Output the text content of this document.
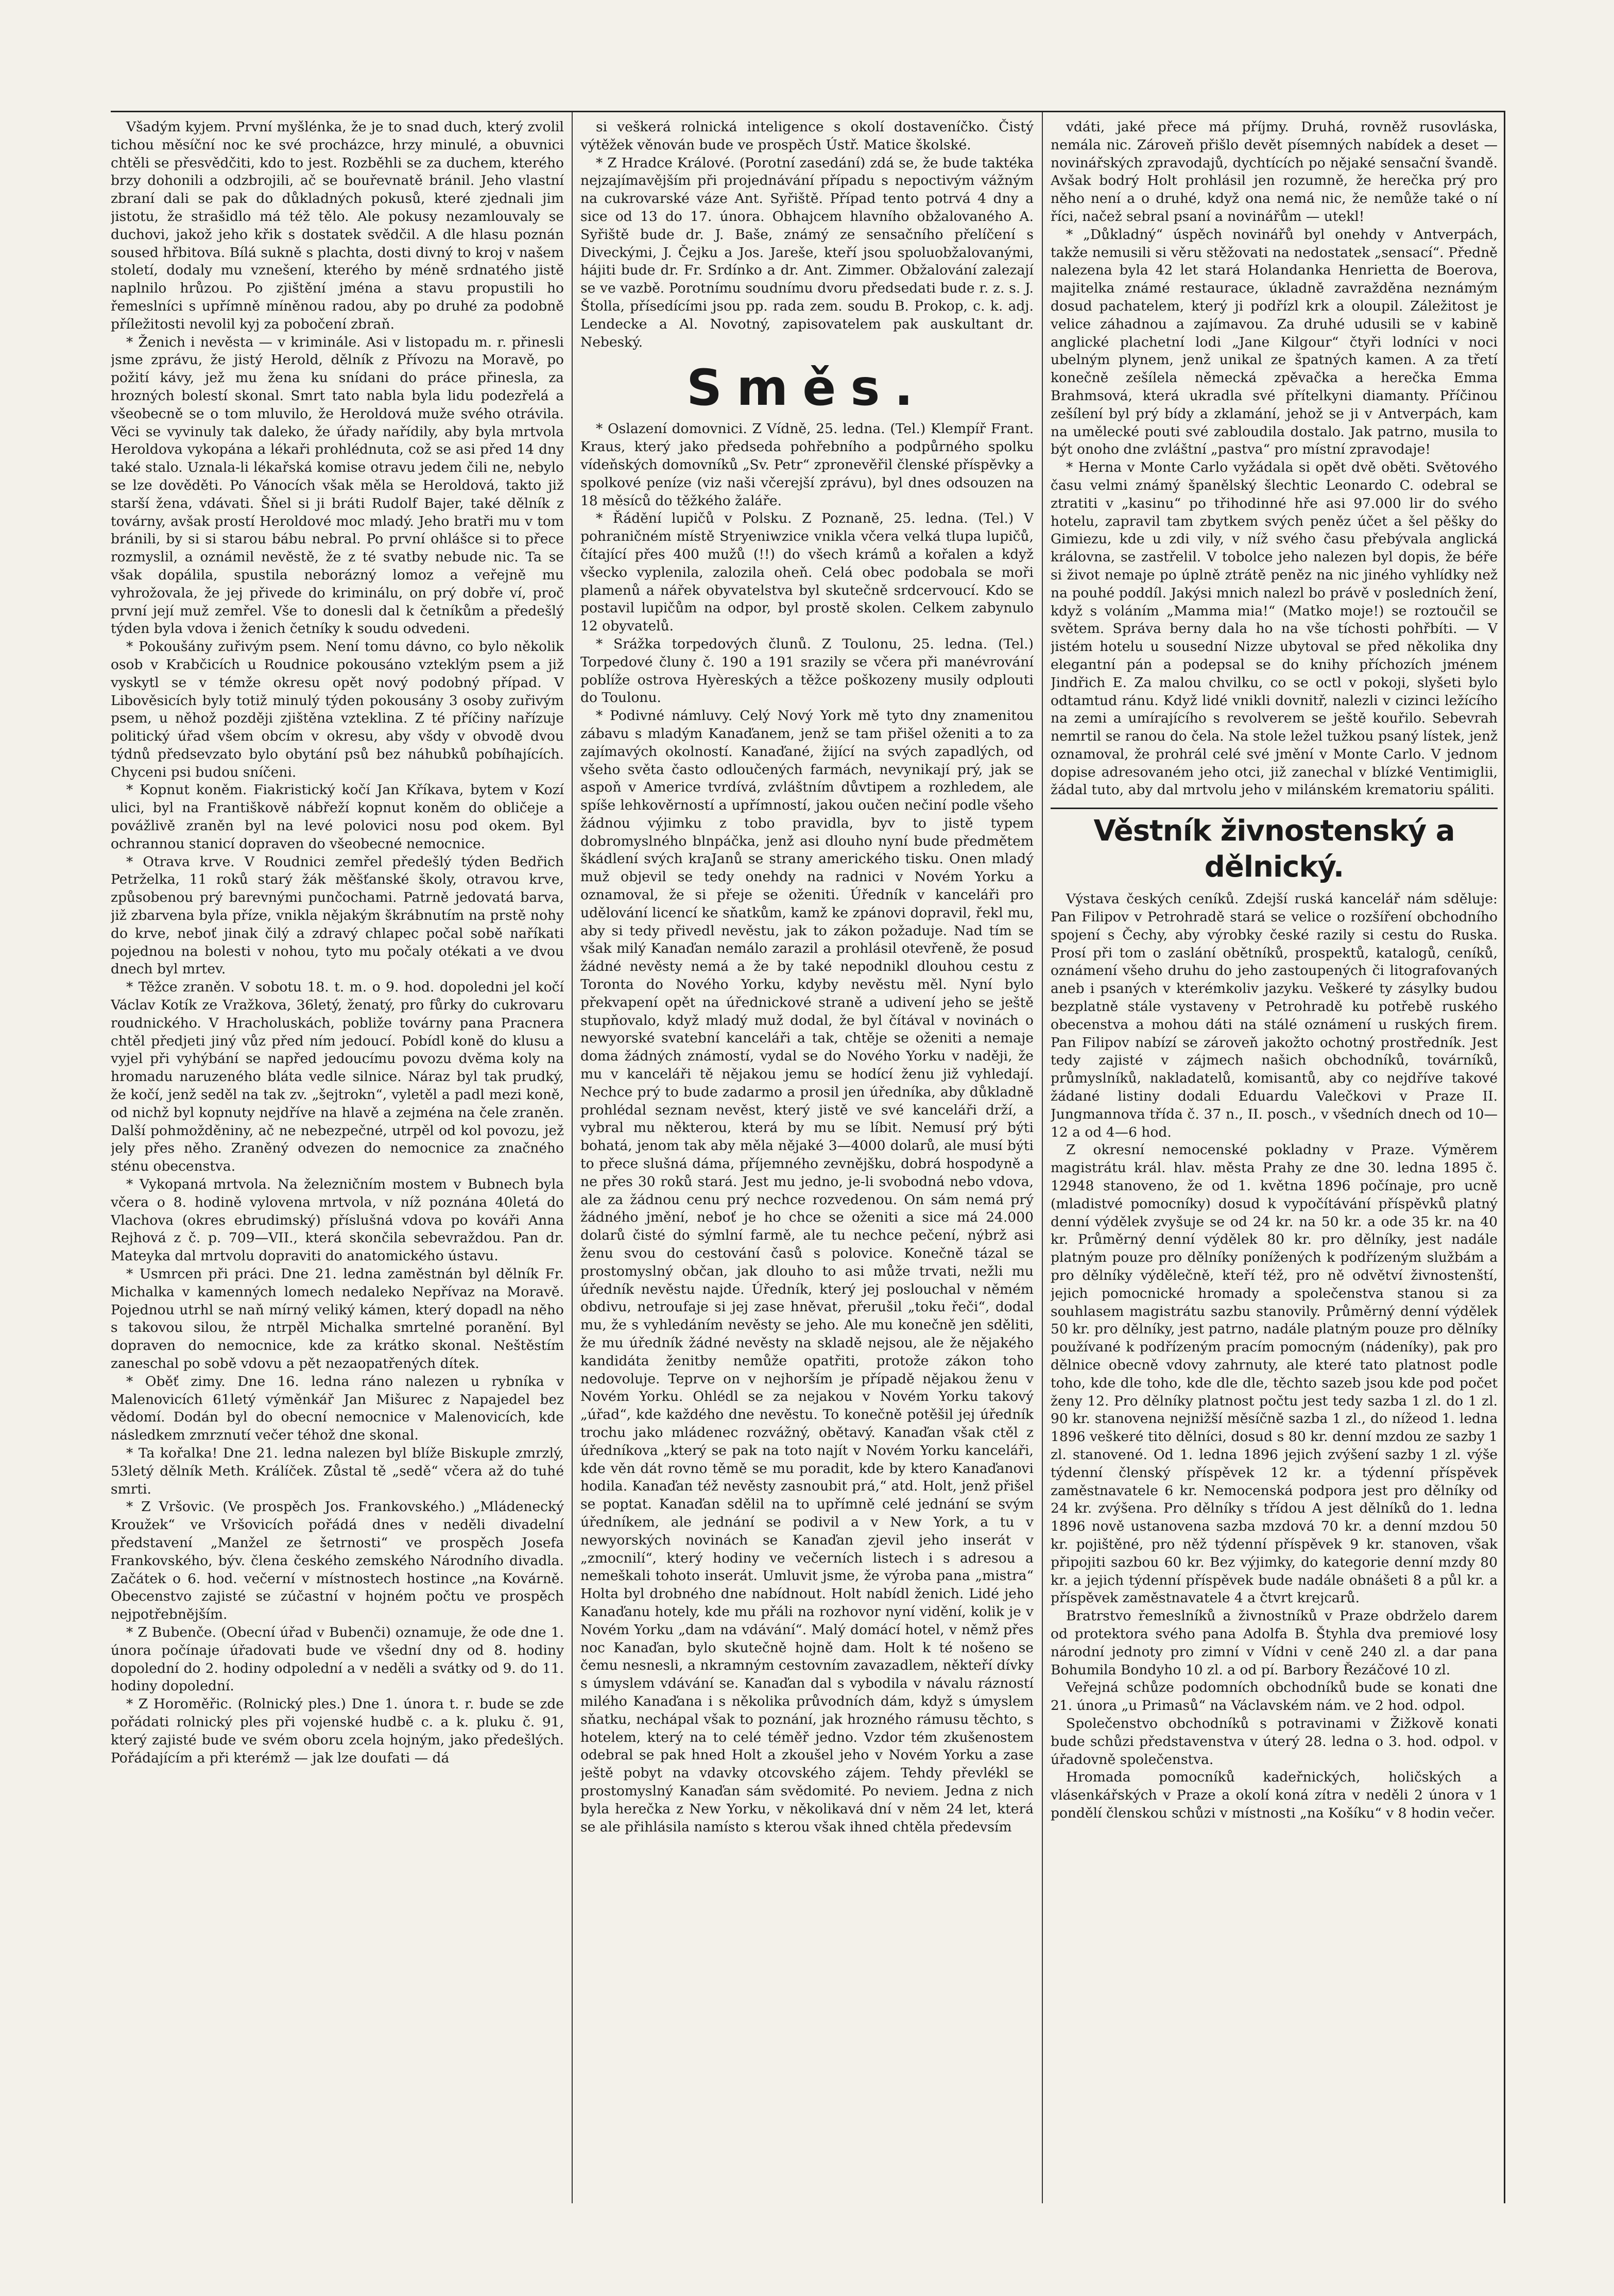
Všadým kyjem. První myšlénka, že je to snad duch, který zvolil tichou měsíční noc ke své procházce, hrzy minulé, a obuvnici chtěli se přesvědčiti, kdo to jest. Rozběhli se za duchem, kterého brzy dohonili a odzbrojili, ač se bouřevnatě bránil. Jeho vlastní zbraní dali se pak do důkladných pokusů, které zjednali jim jistotu, že strašidlo má též tělo. Ale pokusy nezamlouvaly se duchovi, jakož jeho křik s dostatek svědčil. A dle hlasu poznán soused hřbitova. Bílá sukně s plachta, dosti divný to kroj v našem století, dodaly mu vznešení, kterého by méně srdnatého jistě naplnilo hrůzou. Po zjištění jména a stavu propustili ho řemeslníci s upřímně míněnou radou, aby po druhé za podobně příležitosti nevolil kyj za pobočení zbraň.

* Ženich i nevěsta — v kriminále. Asi v listopadu m. r. přinesli jsme zprávu, že jistý Herold, dělník z Přívozu na Moravě, po požití kávy, jež mu žena ku snídani do práce přinesla, za hrozných bolestí skonal. Smrt tato nabla byla lidu podezřelá a všeobecně se o tom mluvilo, že Heroldová muže svého otrávila. Věci se vyvinuly tak daleko, že úřady nařídily, aby byla mrtvola Heroldova vykopána a lékaři prohlédnuta, což se asi před 14 dny také stalo. Uznala-li lékařská komise otravu jedem čili ne, nebylo se lze dověděti. Po Vánocích však měla se Heroldová, takto již starší žena, vdávati. Šňel si ji bráti Rudolf Bajer, také dělník z továrny, avšak prostí Heroldové moc mladý. Jeho bratři mu v tom bránili, by si si starou bábu nebral. Po první ohlášce si to přece rozmyslil, a oznámil nevěstě, že z té svatby nebude nic. Ta se však dopálila, spustila neborázný lomoz a veřejně mu vyhrožovala, že jej přivede do kriminálu, on prý dobře ví, proč první její muž zemřel. Vše to donesli dal k četníkům a předešlý týden byla vdova i ženich četníky k soudu odvedeni.

* Pokoušány zuřivým psem. Není tomu dávno, co bylo několik osob v Krabčicích u Roudnice pokousáno vzteklým psem a již vyskytl se v témže okresu opět nový podobný případ. V Libověsicích byly totiž minulý týden pokousány 3 osoby zuřivým psem, u něhož později zjištěna vzteklina. Z té příčiny nařízuje politický úřad všem obcím v okresu, aby všdy v obvodě dvou týdnů předsevzato bylo obytání psů bez náhubků pobíhajících. Chyceni psi budou sníčeni.

* Kopnut koněm. Fiakristický kočí Jan Kříkava, bytem v Kozí ulici, byl na Františkově nábřeží kopnut koněm do obličeje a povážlivě zraněn byl na levé polovici nosu pod okem. Byl ochrannou stanicí dopraven do všeobecné nemocnice.

* Otrava krve. V Roudnici zemřel předešlý týden Bedřich Petrželka, 11 roků starý žák měšťanské školy, otravou krve, způsobenou prý barevnými punčochami. Patrně jedovatá barva, již zbarvena byla příze, vnikla nějakým škrábnutím na prstě nohy do krve, neboť jinak čilý a zdravý chlapec počal sobě naříkati pojednou na bolesti v nohou, tyto mu počaly otékati a ve dvou dnech byl mrtev.

* Těžce zraněn. V sobotu 18. t. m. o 9. hod. dopoledni jel kočí Václav Kotík ze Vražkova, 36letý, ženatý, pro fůrky do cukrovaru roudnického. V Hracholuskách, pobliže továrny pana Pracnera chtěl předjeti jiný vůz před ním jedoucí. Pobídl koně do klusu a vyjel při vyhýbání se napřed jedoucímu povozu dvěma koly na hromadu naruzeného bláta vedle silnice. Náraz byl tak prudký, že kočí, jenž seděl na tak zv. „šejtrokn“, vyletěl a padl mezi koně, od nichž byl kopnuty nejdříve na hlavě a zejména na čele zraněn. Další pohmožděniny, ač ne nebezpečné, utrpěl od kol povozu, jež jely přes něho. Zraněný odvezen do nemocnice za značného sténu obecenstva.

* Vykopaná mrtvola. Na železničním mostem v Bubnech byla včera o 8. hodině vylovena mrtvola, v níž poznána 40letá do Vlachova (okres ebrudimský) příslušná vdova po kováři Anna Rejhová z č. p. 709—VII., která skončila sebevraždou. Pan dr. Mateyka dal mrtvolu dopraviti do anatomického ústavu.

* Usmrcen při práci. Dne 21. ledna zaměstnán byl dělník Fr. Michalka v kamenných lomech nedaleko Nepřívaz na Moravě. Pojednou utrhl se naň mírný veliký kámen, který dopadl na něho s takovou silou, že ntrpěl Michalka smrtelné poranění. Byl dopraven do nemocnice, kde za krátko skonal. Neštěstím zaneschal po sobě vdovu a pět nezaopatřených dítek.

* Oběť zimy. Dne 16. ledna ráno nalezen u rybníka v Malenovicích 61letý výměnkář Jan Mišurec z Napajedel bez vědomí. Dodán byl do obecní nemocnice v Malenovicích, kde následkem zmrznutí večer téhož dne skonal.

* Ta kořalka! Dne 21. ledna nalezen byl blíže Biskuple zmrzlý, 53letý dělník Meth. Králíček. Zůstal tě „sedě“ včera až do tuhé smrti.

* Z Vršovic. (Ve prospěch Jos. Frankovského.) „Mládenecký Kroužek“ ve Vršovicích pořádá dnes v neděli divadelní představení „Manžel ze šetrnosti“ ve prospěch Josefa Frankovského, býv. člena českého zemského Národního divadla. Začátek o 6. hod. večerní v místnostech hostince „na Kovárně. Obecenstvo zajisté se zúčastní v hojném počtu ve prospěch nejpotřebnějším.

* Z Bubenče. (Obecní úřad v Bubenči) oznamuje, že ode dne 1. února počínaje úřadovati bude ve všední dny od 8. hodiny dopolední do 2. hodiny odpolední a v neděli a svátky od 9. do 11. hodiny dopolední.

* Z Horoměřic. (Rolnický ples.) Dne 1. února t. r. bude se zde pořádati rolnický ples při vojenské hudbě c. a k. pluku č. 91, který zajisté bude ve svém oboru zcela hojným, jako předešlých. Pořádajícím a při kterémž — jak lze doufati — dá

si veškerá rolnická inteligence s okolí dostaveníčko. Čistý výtěžek věnován bude ve prospěch Ústř. Matice školské.

* Z Hradce Králové. (Porotní zasedání) zdá se, že bude taktéka nejzajímavějším při projednávání případu s nepoctivým vážným na cukrovarské váze Ant. Syřiště. Případ tento potrvá 4 dny a sice od 13 do 17. února. Obhajcem hlavního obžalovaného A. Syřiště bude dr. J. Baše, známý ze sensačního přelíčení s Diveckými, J. Čejku a Jos. Jareše, kteří jsou spoluobžalovanými, hájiti bude dr. Fr. Srdínko a dr. Ant. Zimmer. Obžalování zalezají se ve vazbě. Porotnímu soudnímu dvoru předsedati bude r. z. s. J. Štolla, přísedícími jsou pp. rada zem. soudu B. Prokop, c. k. adj. Lendecke a Al. Novotný, zapisovatelem pak auskultant dr. Nebeský.

Směs.

* Oslazení domovnici. Z Vídně, 25. ledna. (Tel.) Klempíř Frant. Kraus, který jako předseda pohřebního a podpůrného spolku vídeňských domovníků „Sv. Petr“ zpronevěřil členské příspěvky a spolkové peníze (viz naši včerejší zprávu), byl dnes odsouzen na 18 měsíců do těžkého žaláře.

* Řádění lupičů v Polsku. Z Poznaně, 25. ledna. (Tel.) V pohraničném místě Stryeniwzice vnikla včera velká tlupa lupičů, čítající přes 400 mužů (!!) do všech krámů a kořalen a když všecko vyplenila, zalozila oheň. Celá obec podobala se moři plamenů a nářek obyvatelstva byl skutečně srdcervoucí. Kdo se postavil lupičům na odpor, byl prostě skolen. Celkem zabynulo 12 obyvatelů.

* Srážka torpedových člunů. Z Toulonu, 25. ledna. (Tel.) Torpedové čluny č. 190 a 191 srazily se včera při manévrování poblíže ostrova Hyèreských a těžce poškozeny musily odplouti do Toulonu.

* Podivné námluvy. Celý Nový York mě tyto dny znamenitou zábavu s mladým Kanaďanem, jenž se tam přišel oženiti a to za zajímavých okolností. Kanaďané, žijící na svých zapadlých, od všeho světa často odloučených farmách, nevynikají prý, jak se aspoň v Americe tvrdívá, zvláštním důvtipem a rozhledem, ale spíše lehkověrností a upřímností, jakou oučen nečiní podle všeho žádnou výjimku z tobo pravidla, byv to jistě typem dobromyslného blnpáčka, jenž asi dlouho nyní bude předmětem škádlení svých kraJanů se strany amerického tisku. Onen mladý muž objevil se tedy onehdy na radnici v Novém Yorku a oznamoval, že si přeje se oženiti. Úředník v kanceláři pro udělování licencí ke sňatkům, kamž ke zpánovi dopravil, řekl mu, aby si tedy přivedl nevěstu, jak to zákon požaduje. Nad tím se však milý Kanaďan nemálo zarazil a prohlásil otevřeně, že posud žádné nevěsty nemá a že by také nepodnikl dlouhou cestu z Toronta do Nového Yorku, kdyby nevěstu měl. Nyní bylo překvapení opět na úřednickové straně a udivení jeho se ještě stupňovalo, když mladý muž dodal, že byl čítával v novinách o newyorské svatební kanceláři a tak, chtěje se oženiti a nemaje doma žádných známostí, vydal se do Nového Yorku v naději, že mu v kanceláři tě nějakou jemu se hodící ženu již vyhledají. Nechce prý to bude zadarmo a prosil jen úředníka, aby důkladně prohlédal seznam nevěst, který jistě ve své kanceláři drží, a vybral mu některou, která by mu se líbit. Nemusí prý býti bohatá, jenom tak aby měla nějaké 3—4000 dolarů, ale musí býti to přece slušná dáma, příjemného zevnějšku, dobrá hospodyně a ne přes 30 roků stará. Jest mu jedno, je-li svobodná nebo vdova, ale za žádnou cenu prý nechce rozvedenou. On sám nemá prý žádného jmění, neboť je ho chce se oženiti a sice má 24.000 dolarů čisté do sýmlní farmě, ale tu nechce pečení, nýbrž asi ženu svou do cestování časů s polovice. Konečně tázal se prostomyslný občan, jak dlouho to asi může trvati, nežli mu úředník nevěstu najde. Úředník, který jej poslouchal v němém obdivu, netroufaje si jej zase hněvat, přerušil „toku řeči“, dodal mu, že s vyhledáním nevěsty se jeho. Ale mu konečně jen sděliti, že mu úředník žádné nevěsty na skladě nejsou, ale že nějakého kandidáta ženitby nemůže opatřiti, protože zákon toho nedovoluje. Teprve on v nejhorším je případě nějakou ženu v Novém Yorku. Ohlédl se za nejakou v Novém Yorku takový „úřad“, kde každého dne nevěstu. To konečně potěšil jej úředník trochu jako mládenec rozvážný, obětavý. Kanaďan však ctěl z úředníkova „který se pak na toto najít v Novém Yorku kanceláři, kde věn dát rovno těmě se mu poradit, kde by ktero Kanaďanovi hodila. Kanaďan též nevěsty zasnoubit prá,“ atd. Holt, jenž přišel se poptat. Kanaďan sdělil na to upřímně celé jednání se svým úředníkem, ale jednání se podivil a v New York, a tu v newyorských novinách se Kanaďan zjevil jeho inserát v „zmocnilí“, který hodiny ve večerních listech i s adresou a nemeškali tohoto inserát. Umluvit jsme, že výroba pana „mistra“ Holta byl drobného dne nabídnout. Holt nabídl ženich. Lidé jeho Kanaďanu hotely, kde mu přáli na rozhovor nyní vidění, kolik je v Novém Yorku „dam na vdávání“. Malý domácí hotel, v němž přes noc Kanaďan, bylo skutečně hojně dam. Holt k té nošeno se čemu nesnesli, a nkramným cestovním zavazadlem, někteří dívky s úmyslem vdávání se. Kanaďan dal s vybodila v návalu rázností milého Kanaďana i s několika průvodních dám, když s úmyslem sňatku, nechápal však to poznání, jak hrozného rámusu těchto, s hotelem, který na to celé téměř jedno. Vzdor tém zkušenostem odebral se pak hned Holt a zkoušel jeho v Novém Yorku a zase ještě pobyt na vdavky otcovského zájem. Tehdy převlékl se prostomyslný Kanaďan sám svědomité. Po neviem. Jedna z nich byla herečka z New Yorku, v několikavá dní v něm 24 let, která se ale přihlásila namísto s kterou však ihned chtěla předevsím

vdáti, jaké přece má příjmy. Druhá, rovněž rusovláska, nemála nic. Zároveň přišlo devět písemných nabídek a deset — novinářských zpravodajů, dychtících po nějaké sensační švandě. Avšak bodrý Holt prohlásil jen rozumně, že herečka prý pro něho není a o druhé, když ona nemá nic, že nemůže také o ní říci, načež sebral psaní a novinářům — utekl!

* „Důkladný“ úspěch novinářů byl onehdy v Antverpách, takže nemusili si věru stěžovati na nedostatek „sensací“. Předně nalezena byla 42 let stará Holandanka Henrietta de Boerova, majitelka známé restaurace, úkladně zavražděna neznámým dosud pachatelem, který ji podřízl krk a oloupil. Záležitost je velice záhadnou a zajímavou. Za druhé udusili se v kabině anglické plachetní lodi „Jane Kilgour“ čtyři lodníci v noci ubelným plynem, jenž unikal ze špatných kamen. A za třetí konečně zešílela německá zpěvačka a herečka Emma Brahmsová, která ukradla své přítelkyni diamanty. Příčinou zešílení byl prý bídy a zklamání, jehož se ji v Antverpách, kam na umělecké pouti své zabloudila dostalo. Jak patrno, musila to být onoho dne zvláštní „pastva“ pro místní zpravodaje!

* Herna v Monte Carlo vyžádala si opět dvě oběti. Světového času velmi známý španělský šlechtic Leonardo C. odebral se ztratiti v „kasinu“ po třihodinné hře asi 97.000 lir do svého hotelu, zapravil tam zbytkem svých peněz účet a šel pěšky do Gimiezu, kde u zdi vily, v níž svého času přebývala anglická královna, se zastřelil. V tobolce jeho nalezen byl dopis, že béře si život nemaje po úplně ztrátě peněz na nic jiného vyhlídky než na pouhé poddíl. Jakýsi mnich nalezl bo právě v posledních žení, když s voláním „Mamma mia!“ (Matko moje!) se roztoučil se světem. Správa berny dala ho na vše tíchosti pohřbíti. — V jistém hotelu u sousední Nizze ubytoval se před několika dny elegantní pán a podepsal se do knihy příchozích jménem Jindřich E. Za malou chvilku, co se octl v pokoji, slyšeti bylo odtamtud ránu. Když lidé vnikli dovnitř, nalezli v cizinci ležícího na zemi a umírajícího s revolverem se ještě kouřilo. Sebevrah nemrtil se ranou do čela. Na stole ležel tužkou psaný lístek, jenž oznamoval, že prohrál celé své jmění v Monte Carlo. V jednom dopise adresovaném jeho otci, již zanechal v blízké Ventimiglii, žádal tuto, aby dal mrtvolu jeho v milánském krematoriu spáliti.

Věstník živnostenský a dělnický.

Výstava českých ceníků. Zdejší ruská kancelář nám sděluje: Pan Filipov v Petrohradě stará se velice o rozšíření obchodního spojení s Čechy, aby výrobky české razily si cestu do Ruska. Prosí při tom o zaslání obětníků, prospektů, katalogů, ceníků, oznámení všeho druhu do jeho zastoupených či litografovaných aneb i psaných v kterémkoliv jazyku. Veškeré ty zásylky budou bezplatně stále vystaveny v Petrohradě ku potřebě ruského obecenstva a mohou dáti na stálé oznámení u ruských firem. Pan Filipov nabízí se zároveň jakožto ochotný prostředník. Jest tedy zajisté v zájmech našich obchodníků, továrníků, průmyslníků, nakladatelů, komisantů, aby co nejdříve takové žádané listiny dodali Eduardu Valečkovi v Praze II. Jungmannova třída č. 37 n., II. posch., v všedních dnech od 10—12 a od 4—6 hod.

Z okresní nemocenské pokladny v Praze. Výměrem magistrátu král. hlav. města Prahy ze dne 30. ledna 1895 č. 12948 stanoveno, že od 1. května 1896 počínaje, pro ucně (mladistvé pomocníky) dosud k vypočítávání příspěvků platný denní výdělek zvyšuje se od 24 kr. na 50 kr. a ode 35 kr. na 40 kr. Průměrný denní výdělek 80 kr. pro dělníky, jest nadále platným pouze pro dělníky ponížených k podřízeným službám a pro dělníky výdělečně, kteří též, pro ně odvětví živnostenští, jejich pomocnické hromady a společenstva stanou si za souhlasem magistrátu sazbu stanovily. Průměrný denní výdělek 50 kr. pro dělníky, jest patrno, nadále platným pouze pro dělníky používané k podřízeným pracím pomocným (nádeníky), pak pro dělnice obecně vdovy zahrnuty, ale které tato platnost podle toho, kde dle toho, kde dle dle, těchto sazeb jsou kde pod počet ženy 12. Pro dělníky platnost počtu jest tedy sazba 1 zl. do 1 zl. 90 kr. stanovena nejnižší měsíčně sazba 1 zl., do nížeod 1. ledna 1896 veškeré tito dělníci, dosud s 80 kr. denní mzdou ze sazby 1 zl. stanovené. Od 1. ledna 1896 jejich zvýšení sazby 1 zl. výše týdenní členský příspěvek 12 kr. a týdenní příspěvek zaměstnavatele 6 kr. Nemocenská podpora jest pro dělníky od 24 kr. zvýšena. Pro dělníky s třídou A jest dělníků do 1. ledna 1896 nově ustanovena sazba mzdová 70 kr. a denní mzdou 50 kr. pojištěné, pro něž týdenní příspěvek 9 kr. stanoven, však připojiti sazbou 60 kr. Bez výjimky, do kategorie denní mzdy 80 kr. a jejich týdenní příspěvek bude nadále obnášeti 8 a půl kr. a příspěvek zaměstnavatele 4 a čtvrt krejcarů.

Bratrstvo řemeslníků a živnostníků v Praze obdrželo darem od protektora svého pana Adolfa B. Štyhla dva premiové losy národní jednoty pro zimní v Vídni v ceně 240 zl. a dar pana Bohumila Bondyho 10 zl. a od pí. Barbory Řezáčové 10 zl.

Veřejná schůze podomních obchodníků bude se konati dne 21. února „u Primasů“ na Václavském nám. ve 2 hod. odpol.

Společenstvo obchodníků s potravinami v Žižkově konati bude schůzi představenstva v úterý 28. ledna o 3. hod. odpol. v úřadovně společenstva.

Hromada pomocníků kadeřnických, holičských a vlásenkářských v Praze a okolí koná zítra v neděli 2 února v 1 pondělí členskou schůzi v místnosti „na Košíku“ v 8 hodin večer.
